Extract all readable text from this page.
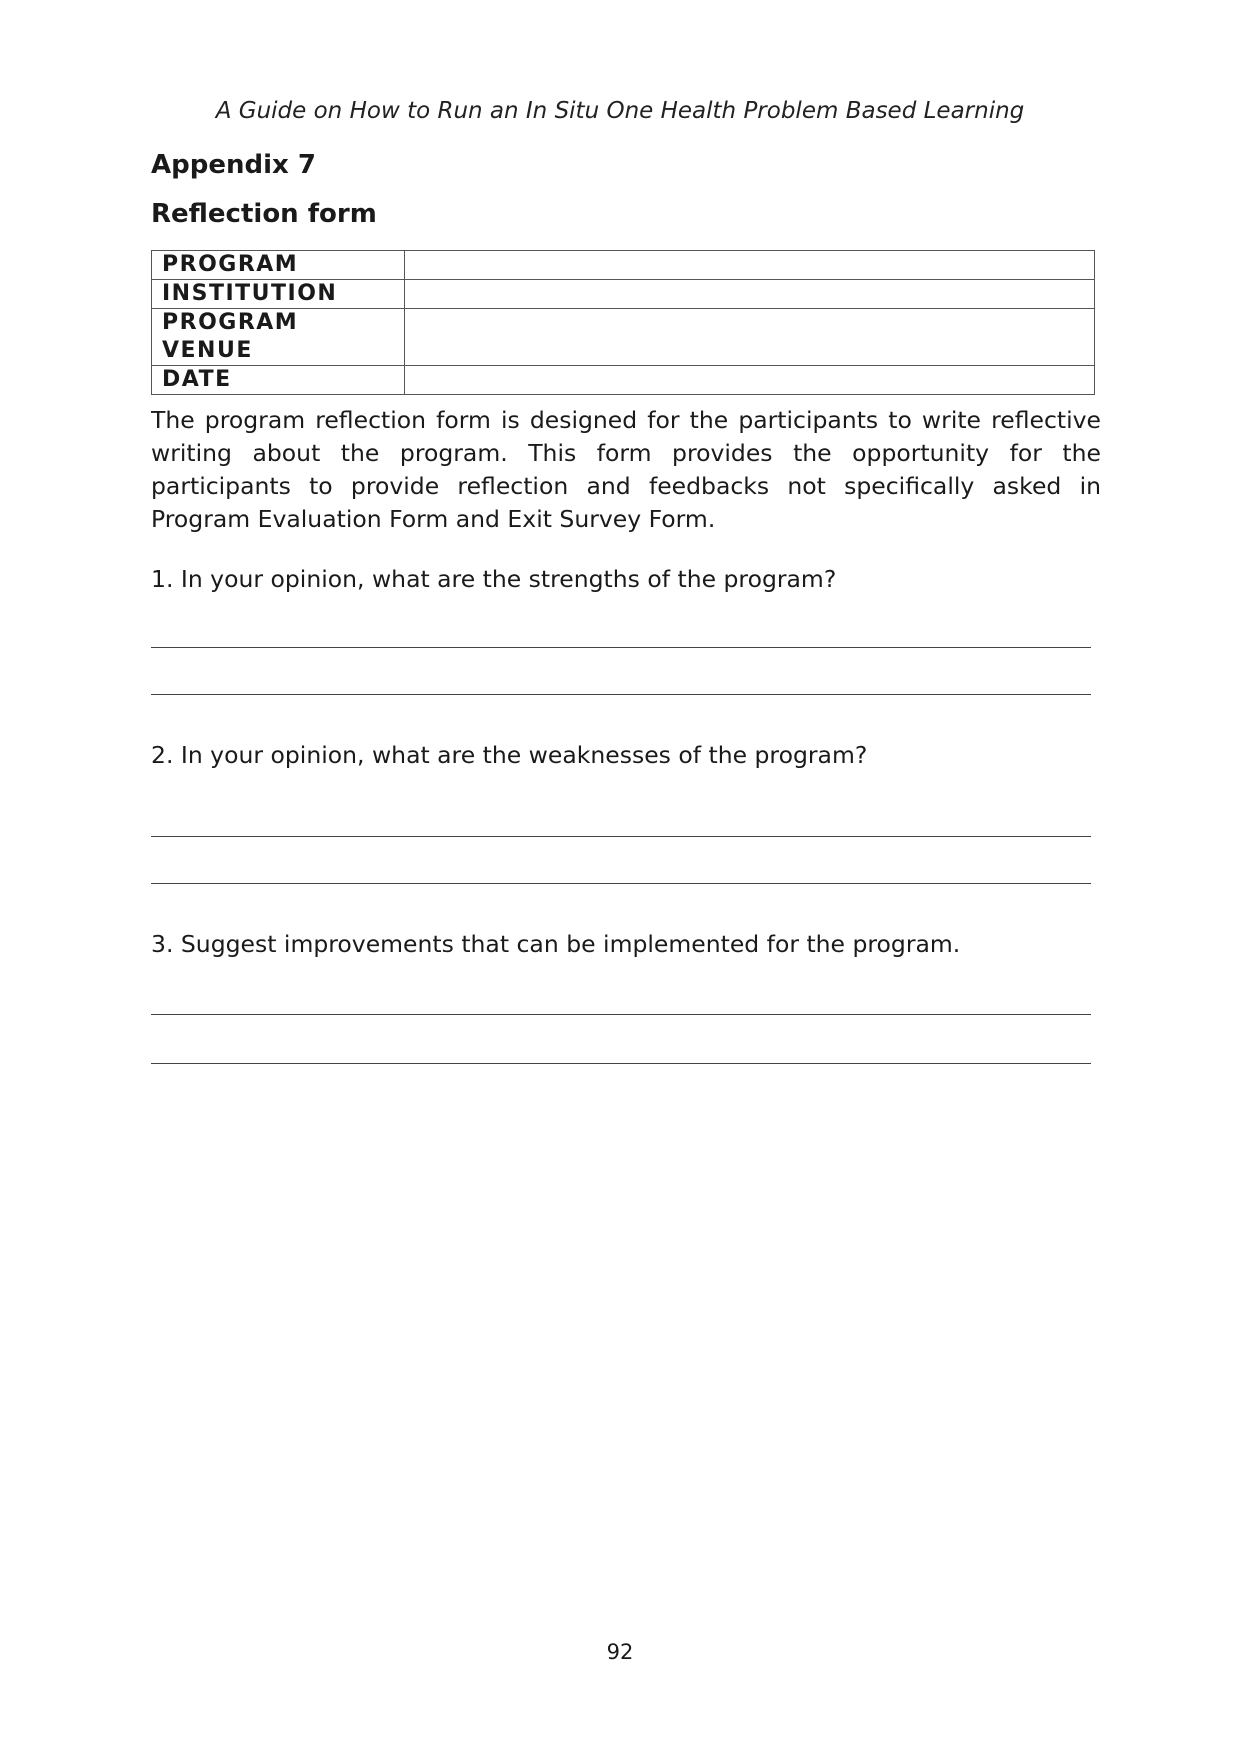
A Guide on How to Run an In Situ One Health Problem Based Learning
Appendix 7
Reflection form
PROGRAM	
INSTITUTION	
PROGRAM VENUE	
DATE	

The program reflection form is designed for the participants to write reflective writing about the program. This form provides the opportunity for the participants to provide reflection and feedbacks not specifically asked in Program Evaluation Form and Exit Survey Form.

1. In your opinion, what are the strengths of the program?

2. In your opinion, what are the weaknesses of the program?

3. Suggest improvements that can be implemented for the program.

92
